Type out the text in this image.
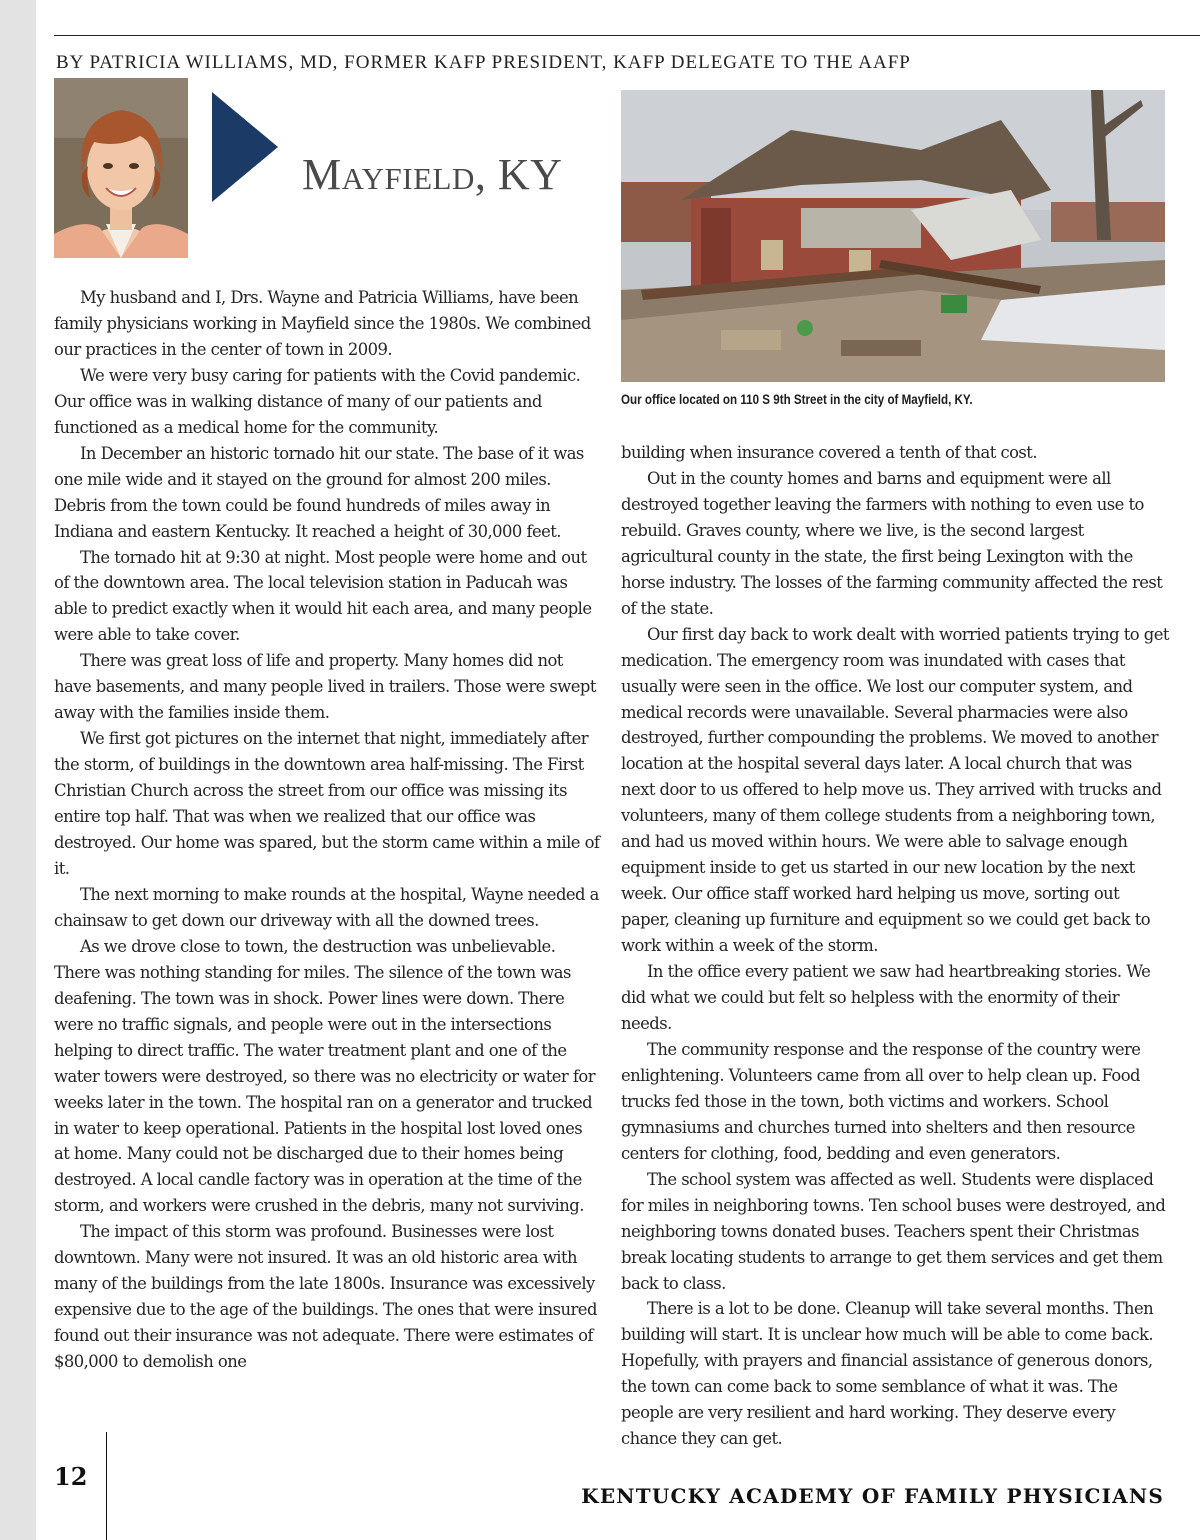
BY PATRICIA WILLIAMS, MD, FORMER KAFP PRESIDENT, KAFP DELEGATE TO THE AAFP
Mayfield, KY
Our office located on 110 S 9th Street in the city of Mayfield, KY.

My husband and I, Drs. Wayne and Patricia Williams, have been family physicians working in Mayfield since the 1980s. We combined our practices in the center of town in 2009.

We were very busy caring for patients with the Covid pandemic. Our office was in walking distance of many of our patients and functioned as a medical home for the community.

In December an historic tornado hit our state. The base of it was one mile wide and it stayed on the ground for almost 200 miles. Debris from the town could be found hundreds of miles away in Indiana and eastern Kentucky. It reached a height of 30,000 feet.

The tornado hit at 9:30 at night. Most people were home and out of the downtown area. The local television station in Paducah was able to predict exactly when it would hit each area, and many people were able to take cover.

There was great loss of life and property. Many homes did not have basements, and many people lived in trailers. Those were swept away with the families inside them.

We first got pictures on the internet that night, immediately after the storm, of buildings in the downtown area half-missing. The First Christian Church across the street from our office was missing its entire top half. That was when we realized that our office was destroyed. Our home was spared, but the storm came within a mile of it.

The next morning to make rounds at the hospital, Wayne needed a chainsaw to get down our driveway with all the downed trees.

As we drove close to town, the destruction was unbelievable. There was nothing standing for miles. The silence of the town was deafening. The town was in shock. Power lines were down. There were no traffic signals, and people were out in the intersections helping to direct traffic. The water treatment plant and one of the water towers were destroyed, so there was no electricity or water for weeks later in the town. The hospital ran on a generator and trucked in water to keep operational. Patients in the hospital lost loved ones at home. Many could not be discharged due to their homes being destroyed. A local candle factory was in operation at the time of the storm, and workers were crushed in the debris, many not surviving.

The impact of this storm was profound. Businesses were lost downtown. Many were not insured. It was an old historic area with many of the buildings from the late 1800s. Insurance was excessively expensive due to the age of the buildings. The ones that were insured found out their insurance was not adequate. There were estimates of $80,000 to demolish one

building when insurance covered a tenth of that cost.

Out in the county homes and barns and equipment were all destroyed together leaving the farmers with nothing to even use to rebuild. Graves county, where we live, is the second largest agricultural county in the state, the first being Lexington with the horse industry. The losses of the farming community affected the rest of the state.

Our first day back to work dealt with worried patients trying to get medication. The emergency room was inundated with cases that usually were seen in the office. We lost our computer system, and medical records were unavailable. Several pharmacies were also destroyed, further compounding the problems. We moved to another location at the hospital several days later. A local church that was next door to us offered to help move us. They arrived with trucks and volunteers, many of them college students from a neighboring town, and had us moved within hours. We were able to salvage enough equipment inside to get us started in our new location by the next week. Our office staff worked hard helping us move, sorting out paper, cleaning up furniture and equipment so we could get back to work within a week of the storm.

In the office every patient we saw had heartbreaking stories. We did what we could but felt so helpless with the enormity of their needs.

The community response and the response of the country were enlightening. Volunteers came from all over to help clean up. Food trucks fed those in the town, both victims and workers. School gymnasiums and churches turned into shelters and then resource centers for clothing, food, bedding and even generators.

The school system was affected as well. Students were displaced for miles in neighboring towns. Ten school buses were destroyed, and neighboring towns donated buses. Teachers spent their Christmas break locating students to arrange to get them services and get them back to class.

There is a lot to be done. Cleanup will take several months. Then building will start. It is unclear how much will be able to come back. Hopefully, with prayers and financial assistance of generous donors, the town can come back to some semblance of what it was. The people are very resilient and hard working. They deserve every chance they can get.

12
KENTUCKY ACADEMY OF FAMILY PHYSICIANS
